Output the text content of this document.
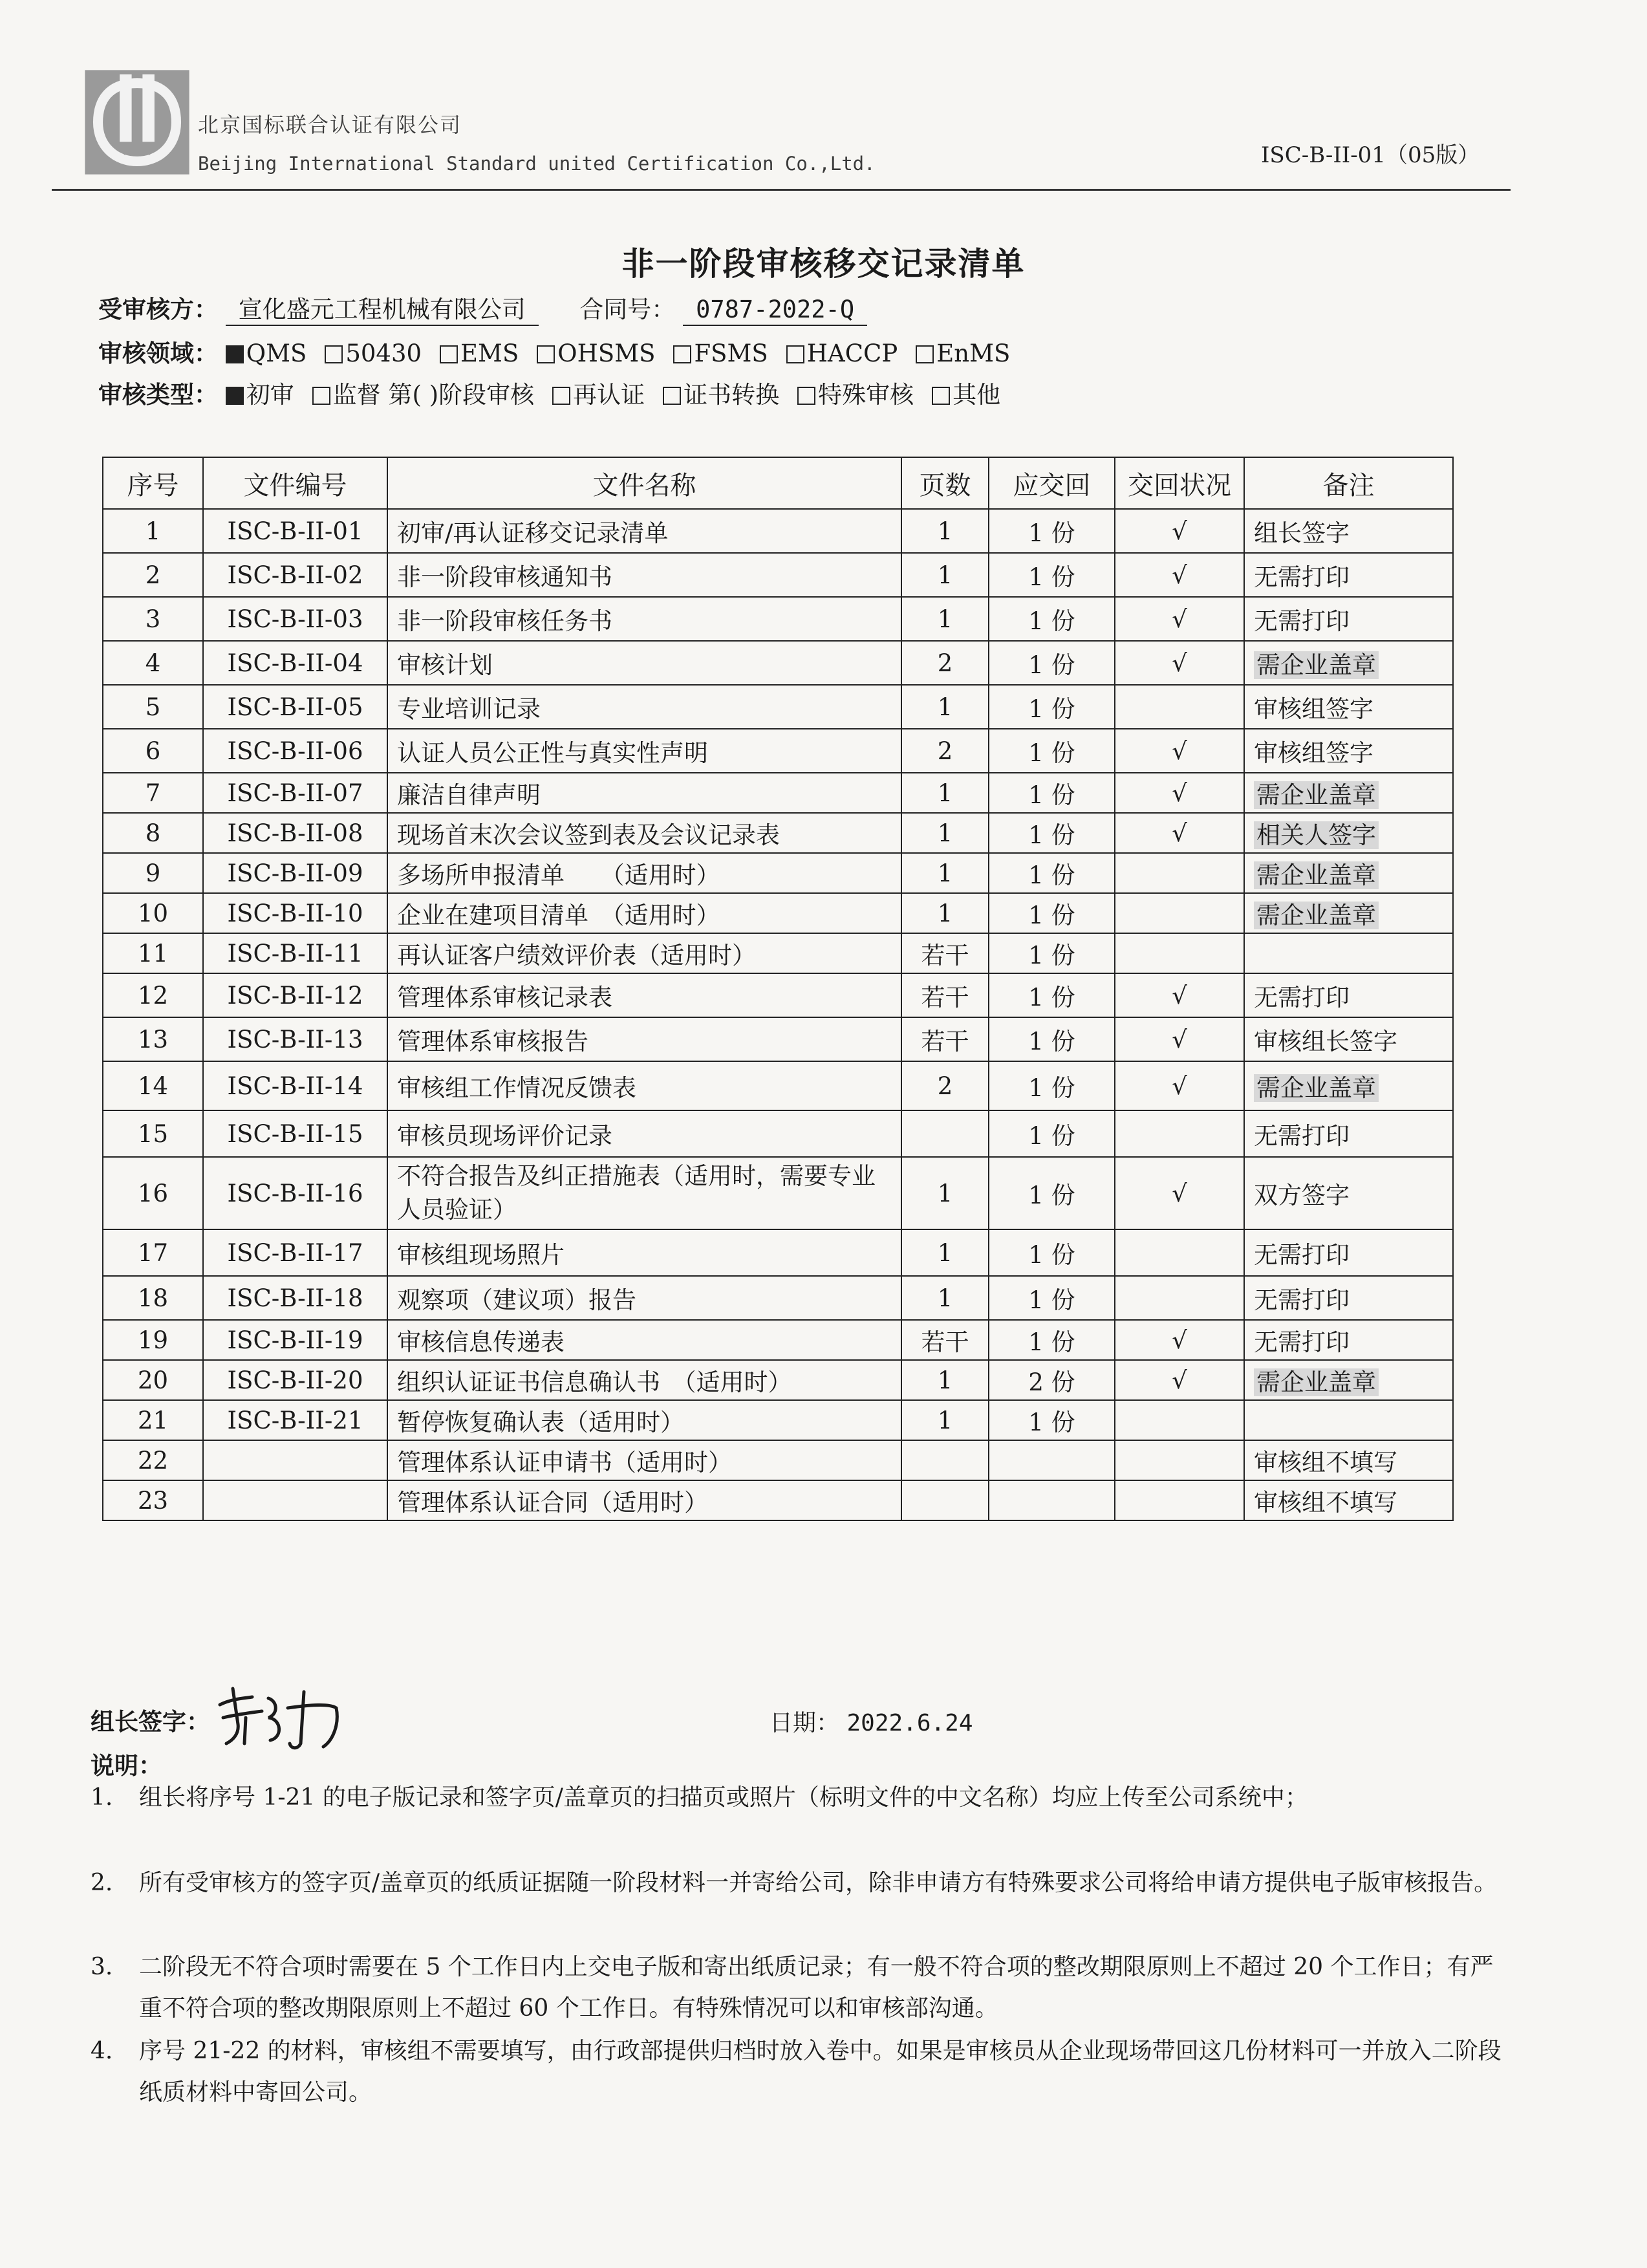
北京国标联合认证有限公司
Beijing International Standard united Certification Co.,Ltd.	ISC-B-II-01（05版）
非一阶段审核移交记录清单
受审核方： 宣化盛元工程机械有限公司 合同号： 0787-2022-Q
审核领域： QMS 50430 EMS OHSMS FSMS HACCP EnMS
审核类型： 初审 监督 第( )阶段审核 再认证 证书转换 特殊审核 其他
序号	文件编号	文件名称	页数	应交回	交回状况	备注
1	ISC-B-II-01	初审/再认证移交记录清单	1	1 份	√	组长签字
2	ISC-B-II-02	非一阶段审核通知书	1	1 份	√	无需打印
3	ISC-B-II-03	非一阶段审核任务书	1	1 份	√	无需打印
4	ISC-B-II-04	审核计划	2	1 份	√	需企业盖章
5	ISC-B-II-05	专业培训记录	1	1 份		审核组签字
6	ISC-B-II-06	认证人员公正性与真实性声明	2	1 份	√	审核组签字
7	ISC-B-II-07	廉洁自律声明	1	1 份	√	需企业盖章
8	ISC-B-II-08	现场首末次会议签到表及会议记录表	1	1 份	√	相关人签字
9	ISC-B-II-09	多场所申报清单　　（适用时）	1	1 份		需企业盖章
10	ISC-B-II-10	企业在建项目清单　（适用时）	1	1 份		需企业盖章
11	ISC-B-II-11	再认证客户绩效评价表（适用时）	若干	1 份		
12	ISC-B-II-12	管理体系审核记录表	若干	1 份	√	无需打印
13	ISC-B-II-13	管理体系审核报告	若干	1 份	√	审核组长签字
14	ISC-B-II-14	审核组工作情况反馈表	2	1 份	√	需企业盖章
15	ISC-B-II-15	审核员现场评价记录		1 份		无需打印
16	ISC-B-II-16	不符合报告及纠正措施表（适用时，需要专业人员验证）	1	1 份	√	双方签字
17	ISC-B-II-17	审核组现场照片	1	1 份		无需打印
18	ISC-B-II-18	观察项（建议项）报告	1	1 份		无需打印
19	ISC-B-II-19	审核信息传递表	若干	1 份	√	无需打印
20	ISC-B-II-20	组织认证证书信息确认书　（适用时）	1	2 份	√	需企业盖章
21	ISC-B-II-21	暂停恢复确认表（适用时）	1	1 份		
22		管理体系认证申请书（适用时）				审核组不填写
23		管理体系认证合同（适用时）				审核组不填写
组长签字：	日期： 2022.6.24
说明：
1. 组长将序号 1-21 的电子版记录和签字页/盖章页的扫描页或照片（标明文件的中文名称）均应上传至公司系统中；
2. 所有受审核方的签字页/盖章页的纸质证据随一阶段材料一并寄给公司，除非申请方有特殊要求公司将给申请方提供电子版审核报告。
3. 二阶段无不符合项时需要在 5 个工作日内上交电子版和寄出纸质记录；有一般不符合项的整改期限原则上不超过 20 个工作日；有严重不符合项的整改期限原则上不超过 60 个工作日。有特殊情况可以和审核部沟通。
4. 序号 21-22 的材料，审核组不需要填写，由行政部提供归档时放入卷中。如果是审核员从企业现场带回这几份材料可一并放入二阶段纸质材料中寄回公司。
